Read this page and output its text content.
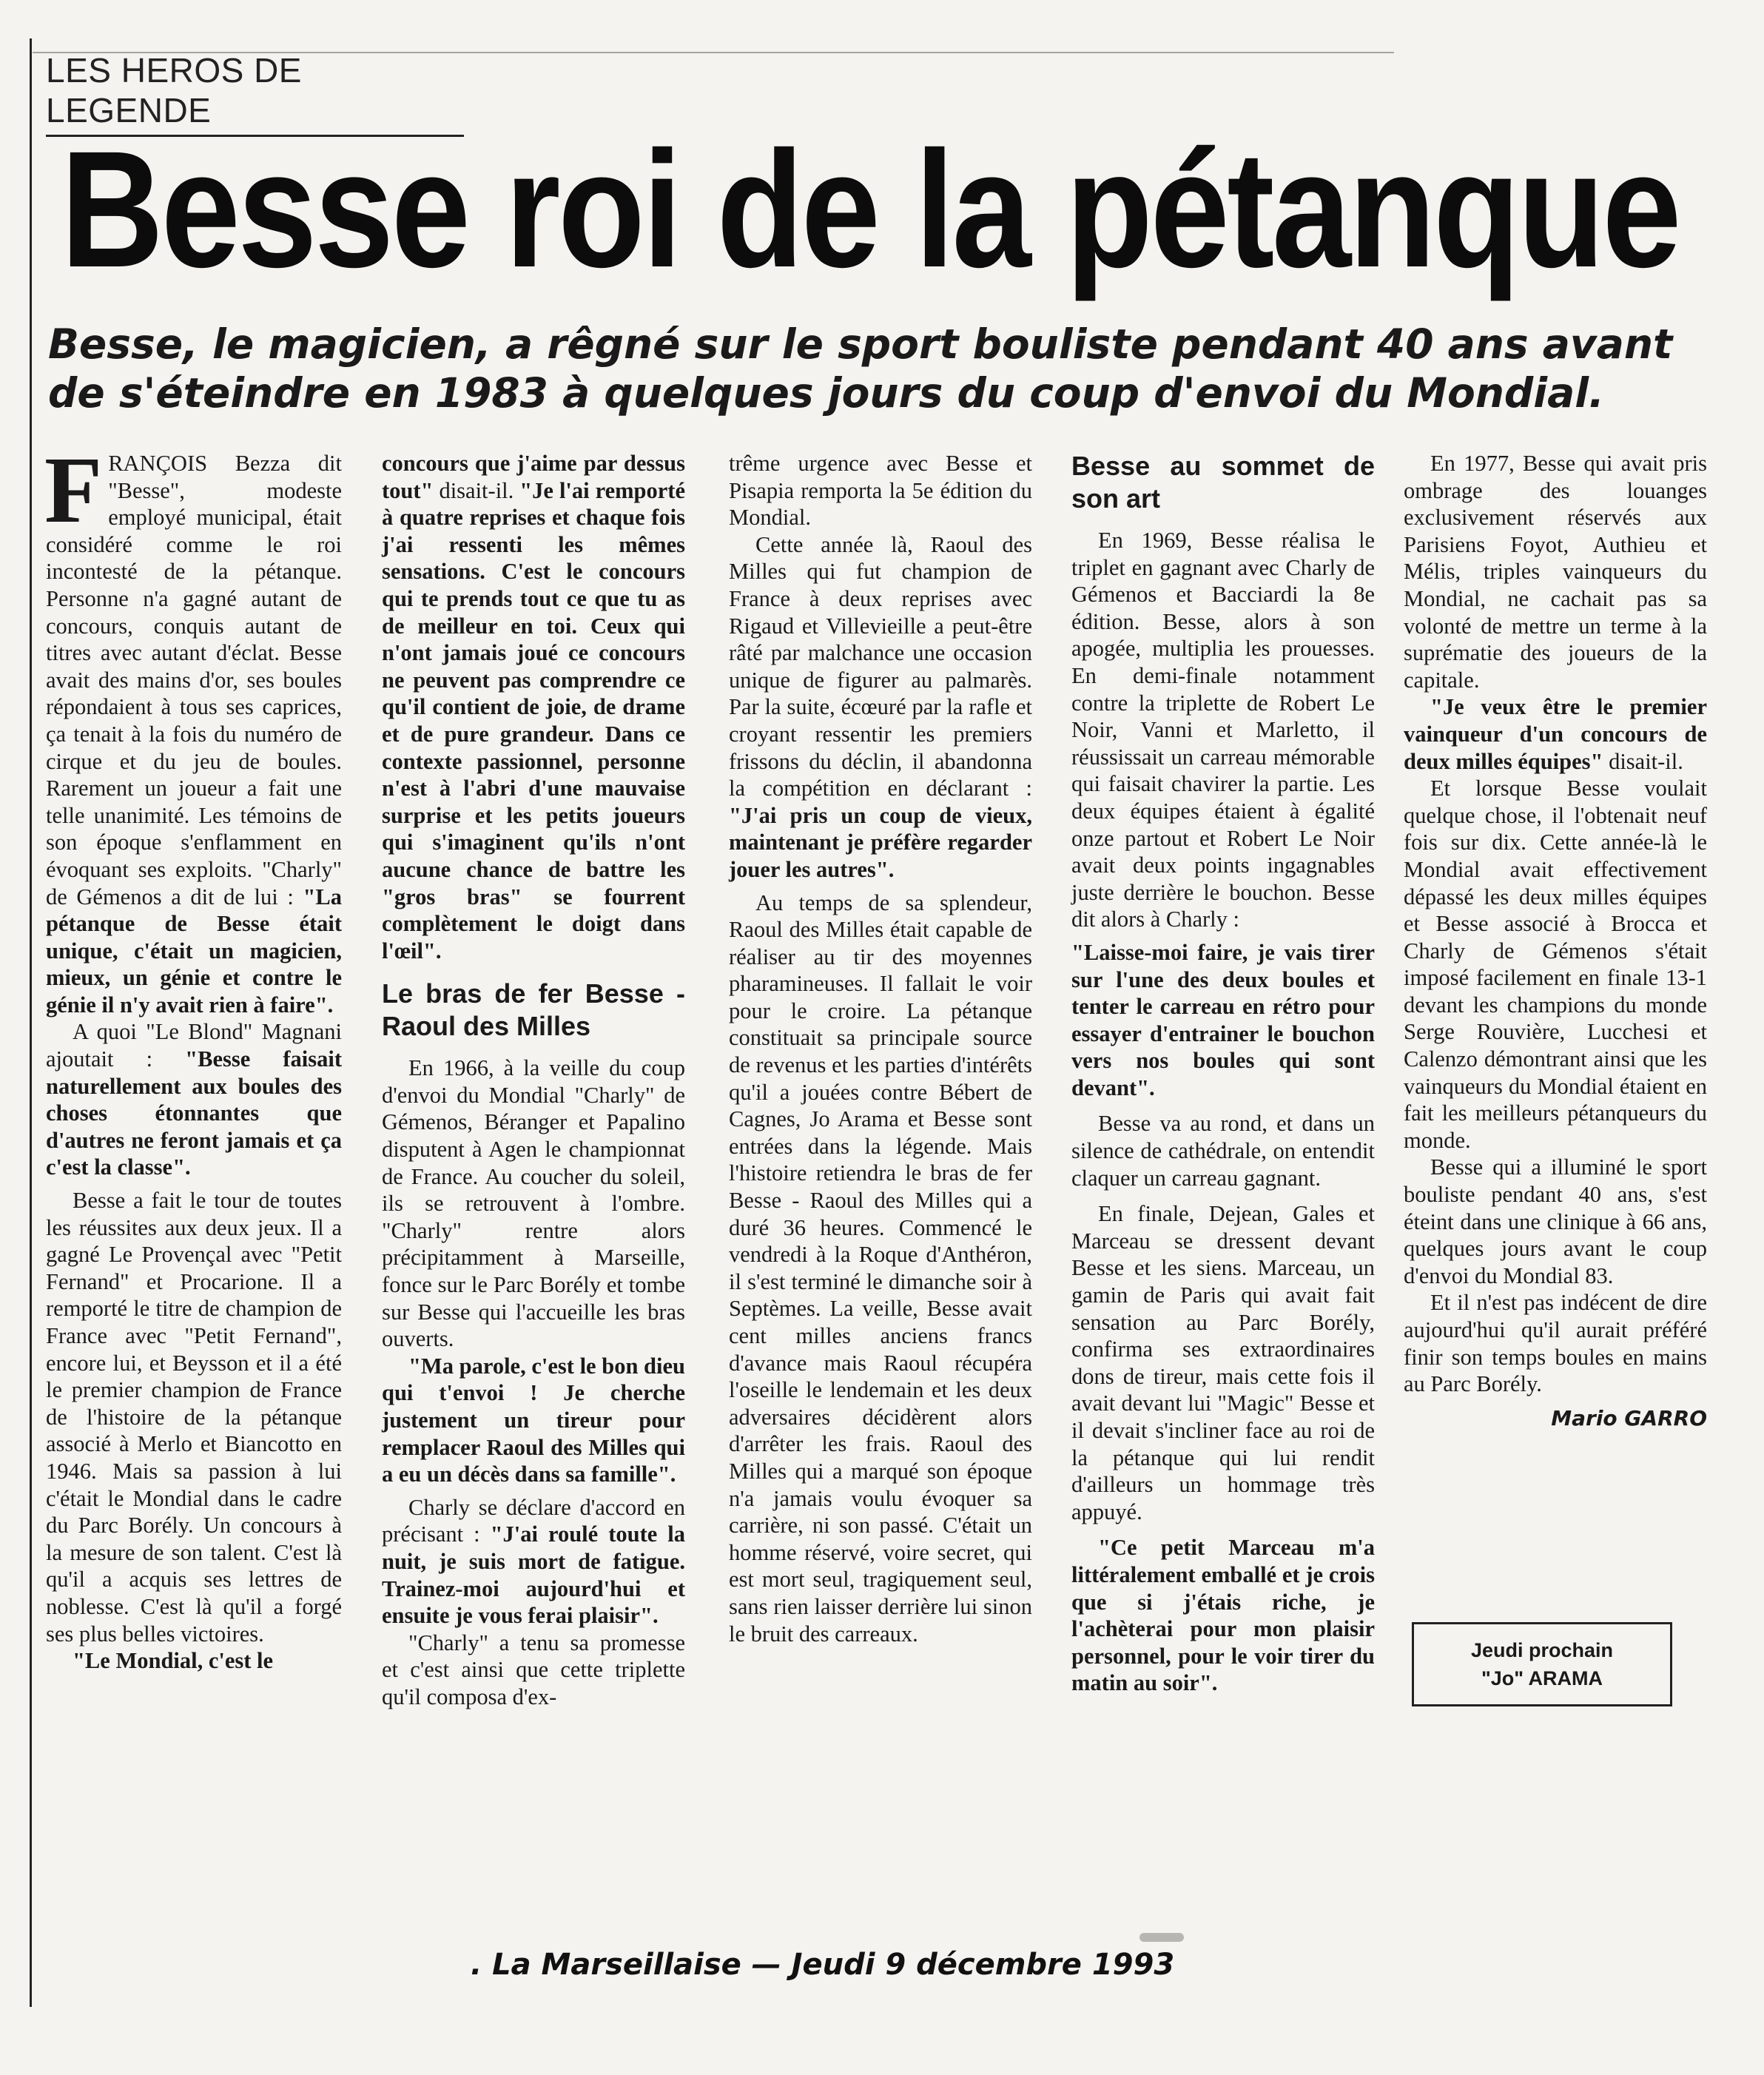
LES HEROS DE LEGENDE
Besse roi de la pétanque
Besse, le magicien, a rêgné sur le sport bouliste pendant 40 ans avant de s'éteindre en 1983 à quelques jours du coup d'envoi du Mondial.

FRANÇOIS Bezza dit "Besse", modeste employé municipal, était considéré comme le roi incontesté de la pétanque. Personne n'a gagné autant de concours, conquis autant de titres avec autant d'éclat. Besse avait des mains d'or, ses boules répondaient à tous ses caprices, ça tenait à la fois du numéro de cirque et du jeu de boules. Rarement un joueur a fait une telle unanimité. Les témoins de son époque s'enflamment en évoquant ses exploits. "Charly" de Gémenos a dit de lui : "La pétanque de Besse était unique, c'était un magicien, mieux, un génie et contre le génie il n'y avait rien à faire".

A quoi "Le Blond" Magnani ajoutait : "Besse faisait naturellement aux boules des choses étonnantes que d'autres ne feront jamais et ça c'est la classe".

Besse a fait le tour de toutes les réussites aux deux jeux. Il a gagné Le Provençal avec "Petit Fernand" et Procarione. Il a remporté le titre de champion de France avec "Petit Fernand", encore lui, et Beysson et il a été le premier champion de France de l'histoire de la pétanque associé à Merlo et Biancotto en 1946. Mais sa passion à lui c'était le Mondial dans le cadre du Parc Borély. Un concours à la mesure de son talent. C'est là qu'il a acquis ses lettres de noblesse. C'est là qu'il a forgé ses plus belles victoires.

"Le Mondial, c'est le

concours que j'aime par dessus tout" disait-il. "Je l'ai remporté à quatre reprises et chaque fois j'ai ressenti les mêmes sensations. C'est le concours qui te prends tout ce que tu as de meilleur en toi. Ceux qui n'ont jamais joué ce concours ne peuvent pas comprendre ce qu'il contient de joie, de drame et de pure grandeur. Dans ce contexte passionnel, personne n'est à l'abri d'une mauvaise surprise et les petits joueurs qui s'imaginent qu'ils n'ont aucune chance de battre les "gros bras" se fourrent complètement le doigt dans l'œil".

Le bras de fer Besse - Raoul des Milles

En 1966, à la veille du coup d'envoi du Mondial "Charly" de Gémenos, Béranger et Papalino disputent à Agen le championnat de France. Au coucher du soleil, ils se retrouvent à l'ombre. "Charly" rentre alors précipitamment à Marseille, fonce sur le Parc Borély et tombe sur Besse qui l'accueille les bras ouverts.

"Ma parole, c'est le bon dieu qui t'envoi ! Je cherche justement un tireur pour remplacer Raoul des Milles qui a eu un décès dans sa famille".

Charly se déclare d'accord en précisant : "J'ai roulé toute la nuit, je suis mort de fatigue. Trainez-moi aujourd'hui et ensuite je vous ferai plaisir".

"Charly" a tenu sa promesse et c'est ainsi que cette triplette qu'il composa d'ex-

trême urgence avec Besse et Pisapia remporta la 5e édition du Mondial.

Cette année là, Raoul des Milles qui fut champion de France à deux reprises avec Rigaud et Villevieille a peut-être râté par malchance une occasion unique de figurer au palmarès. Par la suite, écœuré par la rafle et croyant ressentir les premiers frissons du déclin, il abandonna la compétition en déclarant : "J'ai pris un coup de vieux, maintenant je préfère regarder jouer les autres".

Au temps de sa splendeur, Raoul des Milles était capable de réaliser au tir des moyennes pharamineuses. Il fallait le voir pour le croire. La pétanque constituait sa principale source de revenus et les parties d'intérêts qu'il a jouées contre Bébert de Cagnes, Jo Arama et Besse sont entrées dans la légende. Mais l'histoire retiendra le bras de fer Besse - Raoul des Milles qui a duré 36 heures. Commencé le vendredi à la Roque d'Anthéron, il s'est terminé le dimanche soir à Septèmes. La veille, Besse avait cent milles anciens francs d'avance mais Raoul récupéra l'oseille le lendemain et les deux adversaires décidèrent alors d'arrêter les frais. Raoul des Milles qui a marqué son époque n'a jamais voulu évoquer sa carrière, ni son passé. C'était un homme réservé, voire secret, qui est mort seul, tragiquement seul, sans rien laisser derrière lui sinon le bruit des carreaux.

Besse au sommet de son art

En 1969, Besse réalisa le triplet en gagnant avec Charly de Gémenos et Bacciardi la 8e édition. Besse, alors à son apogée, multiplia les prouesses. En demi-finale notamment contre la triplette de Robert Le Noir, Vanni et Marletto, il réussissait un carreau mémorable qui faisait chavirer la partie. Les deux équipes étaient à égalité onze partout et Robert Le Noir avait deux points ingagnables juste derrière le bouchon. Besse dit alors à Charly :

"Laisse-moi faire, je vais tirer sur l'une des deux boules et tenter le carreau en rétro pour essayer d'entrainer le bouchon vers nos boules qui sont devant".

Besse va au rond, et dans un silence de cathédrale, on entendit claquer un carreau gagnant.

En finale, Dejean, Gales et Marceau se dressent devant Besse et les siens. Marceau, un gamin de Paris qui avait fait sensation au Parc Borély, confirma ses extraordinaires dons de tireur, mais cette fois il avait devant lui "Magic" Besse et il devait s'incliner face au roi de la pétanque qui lui rendit d'ailleurs un hommage très appuyé.

"Ce petit Marceau m'a littéralement emballé et je crois que si j'étais riche, je l'achèterai pour mon plaisir personnel, pour le voir tirer du matin au soir".

En 1977, Besse qui avait pris ombrage des louanges exclusivement réservés aux Parisiens Foyot, Authieu et Mélis, triples vainqueurs du Mondial, ne cachait pas sa volonté de mettre un terme à la suprématie des joueurs de la capitale.

"Je veux être le premier vainqueur d'un concours de deux milles équipes" disait-il.

Et lorsque Besse voulait quelque chose, il l'obtenait neuf fois sur dix. Cette année-là le Mondial avait effectivement dépassé les deux milles équipes et Besse associé à Brocca et Charly de Gémenos s'était imposé facilement en finale 13-1 devant les champions du monde Serge Rouvière, Lucchesi et Calenzo démontrant ainsi que les vainqueurs du Mondial étaient en fait les meilleurs pétanqueurs du monde.

Besse qui a illuminé le sport bouliste pendant 40 ans, s'est éteint dans une clinique à 66 ans, quelques jours avant le coup d'envoi du Mondial 83.

Et il n'est pas indécent de dire aujourd'hui qu'il aurait préféré finir son temps boules en mains au Parc Borély.

Mario GARRO
Jeudi prochain
"Jo" ARAMA
. La Marseillaise — Jeudi 9 décembre 1993
